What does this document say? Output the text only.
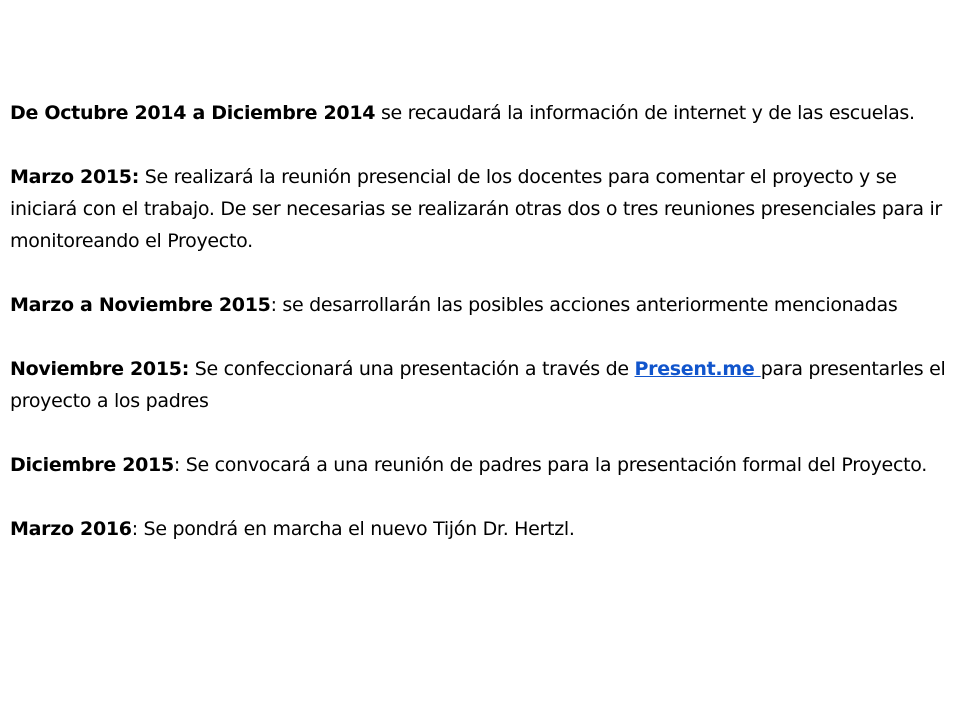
De Octubre 2014 a Diciembre 2014 se recaudará la información de internet y de las escuelas.

Marzo 2015: Se realizará la reunión presencial de los docentes para comentar el proyecto y se iniciará con el trabajo. De ser necesarias se realizarán otras dos o tres reuniones presenciales para ir monitoreando el Proyecto.

Marzo a Noviembre 2015: se desarrollarán las posibles acciones anteriormente mencionadas

Noviembre 2015: Se confeccionará una presentación a través de Present.me para presentarles el proyecto a los padres

Diciembre 2015: Se convocará a una reunión de padres para la presentación formal del Proyecto.

Marzo 2016: Se pondrá en marcha el nuevo Tijón Dr. Hertzl.
